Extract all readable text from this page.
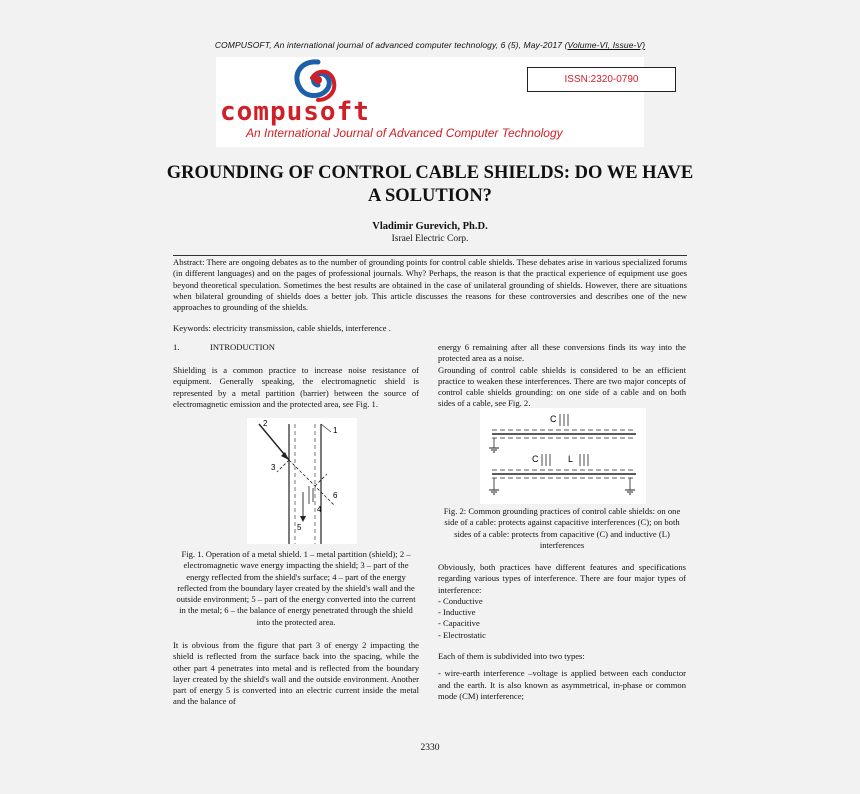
COMPUSOFT, An international journal of advanced computer technology, 6 (5), May-2017 (Volume-VI, Issue-V)
compusoft
An International Journal of Advanced Computer Technology
ISSN:2320-0790
GROUNDING OF CONTROL CABLE SHIELDS: DO WE HAVE A SOLUTION?
Vladimir Gurevich, Ph.D.
Israel Electric Corp.
Abstract: There are ongoing debates as to the number of grounding points for control cable shields. These debates arise in various specialized forums (in different languages) and on the pages of professional journals. Why? Perhaps, the reason is that the practical experience of equipment use goes beyond theoretical speculation. Sometimes the best results are obtained in the case of unilateral grounding of shields. However, there are situations when bilateral grounding of shields does a better job. This article discusses the reasons for these controversies and describes one of the new approaches to grounding of the shields.
Keywords: electricity transmission, cable shields, interference .
1.	INTRODUCTION

Shielding is a common practice to increase noise resistance of equipment. Generally speaking, the electromagnetic shield is represented by a metal partition (barrier) between the source of electromagnetic emission and the protected area, see Fig. 1.

1
2
3
4
5
6
Fig. 1. Operation of a metal shield. 1 – metal partition (shield); 2 – electromagnetic wave energy impacting the shield; 3 – part of the energy reflected from the shield's surface; 4 – part of the energy reflected from the boundary layer created by the shield's wall and the outside environment; 5 – part of the energy converted into the current in the metal; 6 – the balance of energy penetrated through the shield into the protected area.

It is obvious from the figure that part 3 of energy 2 impacting the shield is reflected from the surface back into the spacing, while the other part 4 penetrates into metal and is reflected from the boundary layer created by the shield's wall and the outside environment. Another part of energy 5 is converted into an electric current inside the metal and the balance of

energy 6 remaining after all these conversions finds its way into the protected area as a noise.

Grounding of control cable shields is considered to be an efficient practice to weaken these interferences. There are two major concepts of control cable shields grounding: on one side of a cable and on both sides of a cable, see Fig. 2.

C
C	L
Fig. 2: Common grounding practices of control cable shields: on one side of a cable: protects against capacitive interferences (C); on both sides of a cable: protects from capacitive (C) and inductive (L) interferences

Obviously, both practices have different features and specifications regarding various types of interference. There are four major types of interference:

- Conductive

- Inductive

- Capacitive

- Electrostatic

Each of them is subdivided into two types:

- wire-earth interference –voltage is applied between each conductor and the earth. It is also known as asymmetrical, in-phase or common mode (CM) interference;

2330
